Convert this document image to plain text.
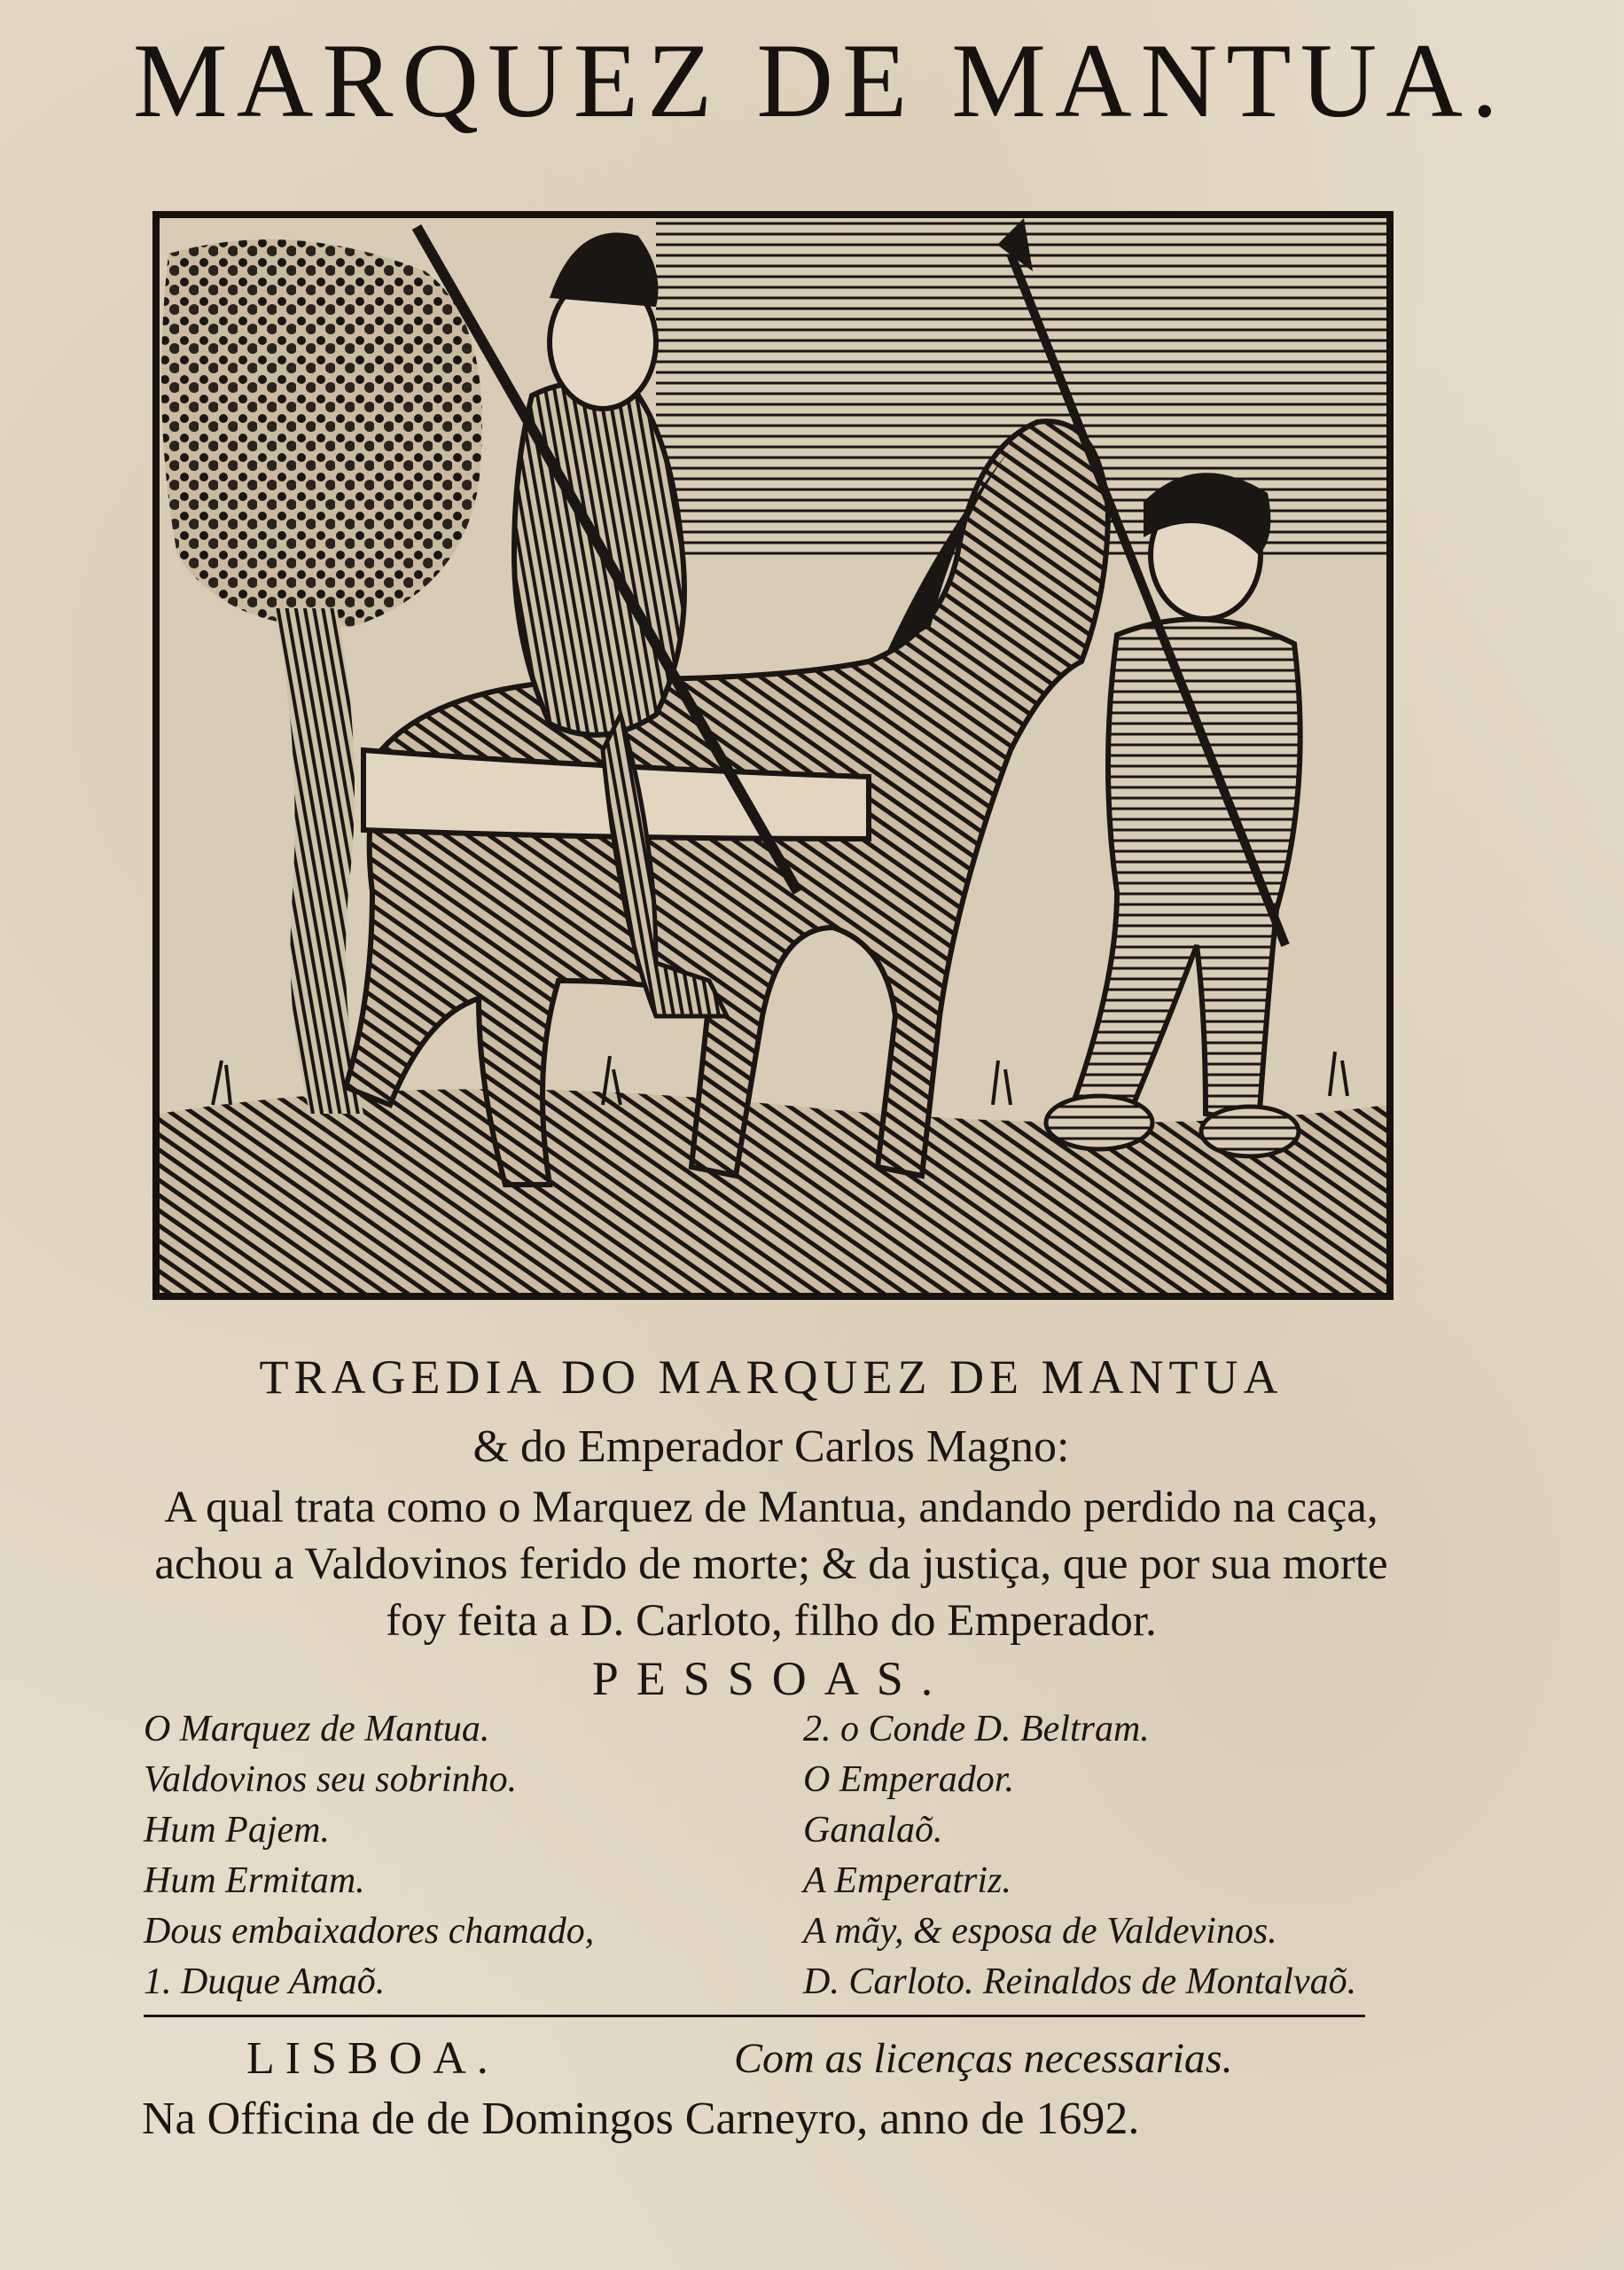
MARQUEZ DE MANTUA.
TRAGEDIA DO MARQUEZ DE MANTUA
& do Emperador Carlos Magno:
A qual trata como o Marquez de Mantua, andando perdido na caça, achou a Valdovinos ferido de morte; & da justiça, que por sua morte foy feita a D. Carloto, filho do Emperador.
PESSOAS.
O Marquez de Mantua.
Valdovinos seu sobrinho.
Hum Pajem.
Hum Ermitam.
Dous embaixadores chamado,
1. Duque Amaõ.
2. o Conde D. Beltram.
O Emperador.
Ganalaõ.
A Emperatriz.
A mãy, & esposa de Valdevinos.
D. Carloto. Reinaldos de Montalvaõ.
LISBOA.	Com as licenças necessarias.
Na Officina de de Domingos Carneyro, anno de 1692.
